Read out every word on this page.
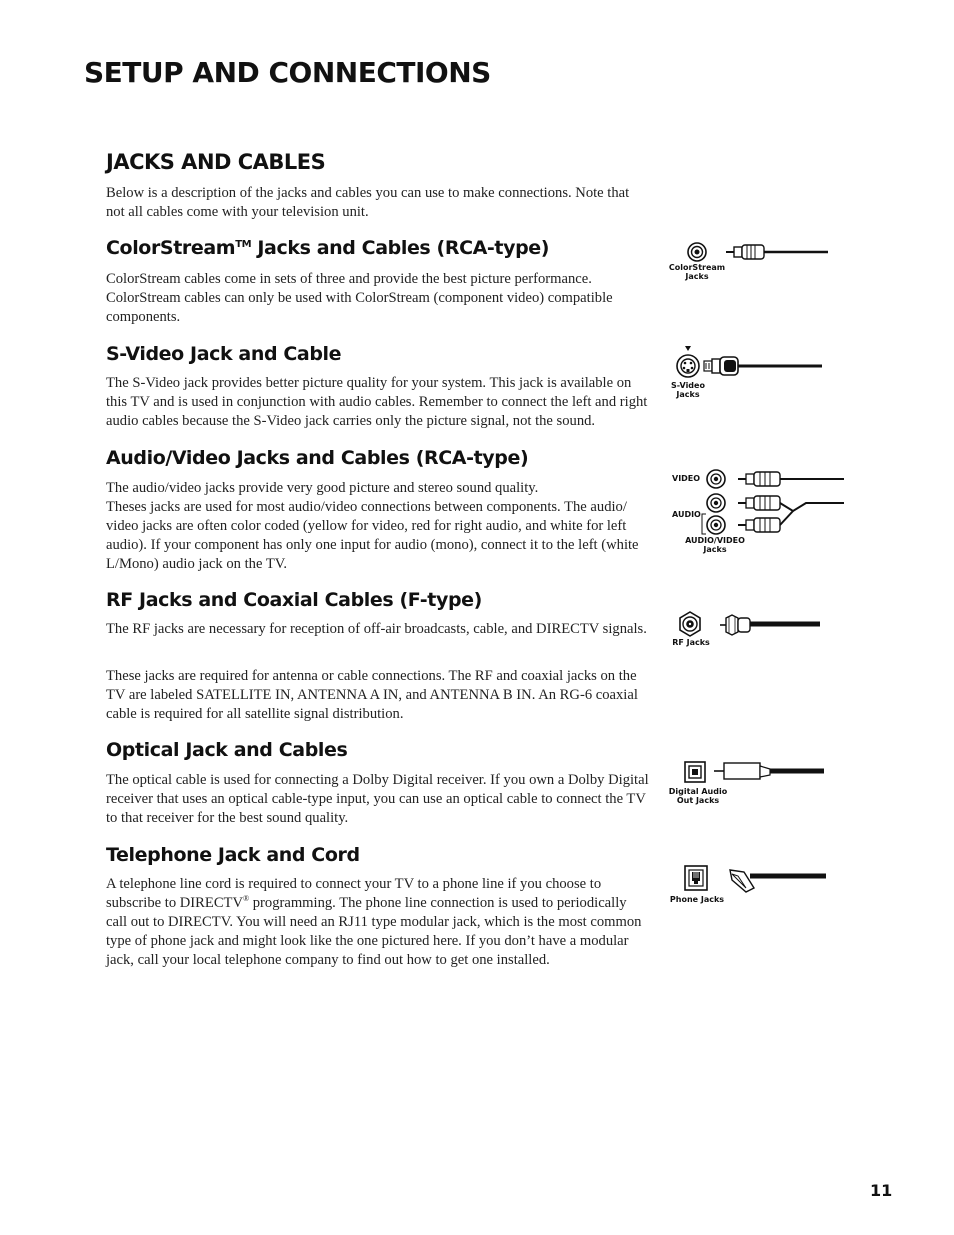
SETUP AND CONNECTIONS
JACKS AND CABLES

Below is a description of the jacks and cables you can use to make connections. Note that not all cables come with your television unit.

ColorStream™ Jacks and Cables (RCA-type)

ColorStream cables come in sets of three and provide the best picture performance. ColorStream cables can only be used with ColorStream (component video) compatible components.

ColorStream
Jacks

S-Video Jack and Cable

The S-Video jack provides better picture quality for your system. This jack is available on this TV and is used in conjunction with audio cables. Remember to connect the left and right audio cables because the S-Video jack carries only the picture signal, not the sound.

S-Video
Jacks

Audio/Video Jacks and Cables (RCA-type)

The audio/video jacks provide very good picture and stereo sound quality.
Theses jacks are used for most audio/video connections between components. The audio/ video jacks are often color coded (yellow for video, red for right audio, and white for left audio). If your component has only one input for audio (mono), connect it to the left (white L/Mono) audio jack on the TV.

VIDEO

AUDIO

AUDIO/VIDEO
Jacks

RF Jacks and Coaxial Cables (F-type)

The RF jacks are necessary for reception of off-air broadcasts, cable, and DIRECTV signals.

These jacks are required for antenna or cable connections. The RF and coaxial jacks on the TV are labeled SATELLITE IN, ANTENNA A IN, and ANTENNA B IN. An RG-6 coaxial cable is required for all satellite signal distribution.

RF Jacks

Optical Jack and Cables

The optical cable is used for connecting a Dolby Digital receiver. If you own a Dolby Digital receiver that uses an optical cable-type input, you can use an optical cable to connect the TV to that receiver for the best sound quality.

Digital Audio
Out Jacks

Telephone Jack and Cord

A telephone line cord is required to connect your TV to a phone line if you choose to subscribe to DIRECTV® programming. The phone line connection is used to periodically call out to DIRECTV. You will need an RJ11 type modular jack, which is the most common type of phone jack and might look like the one pictured here. If you don’t have a modular jack, call your local telephone company to find out how to get one installed.

Phone Jacks

11
